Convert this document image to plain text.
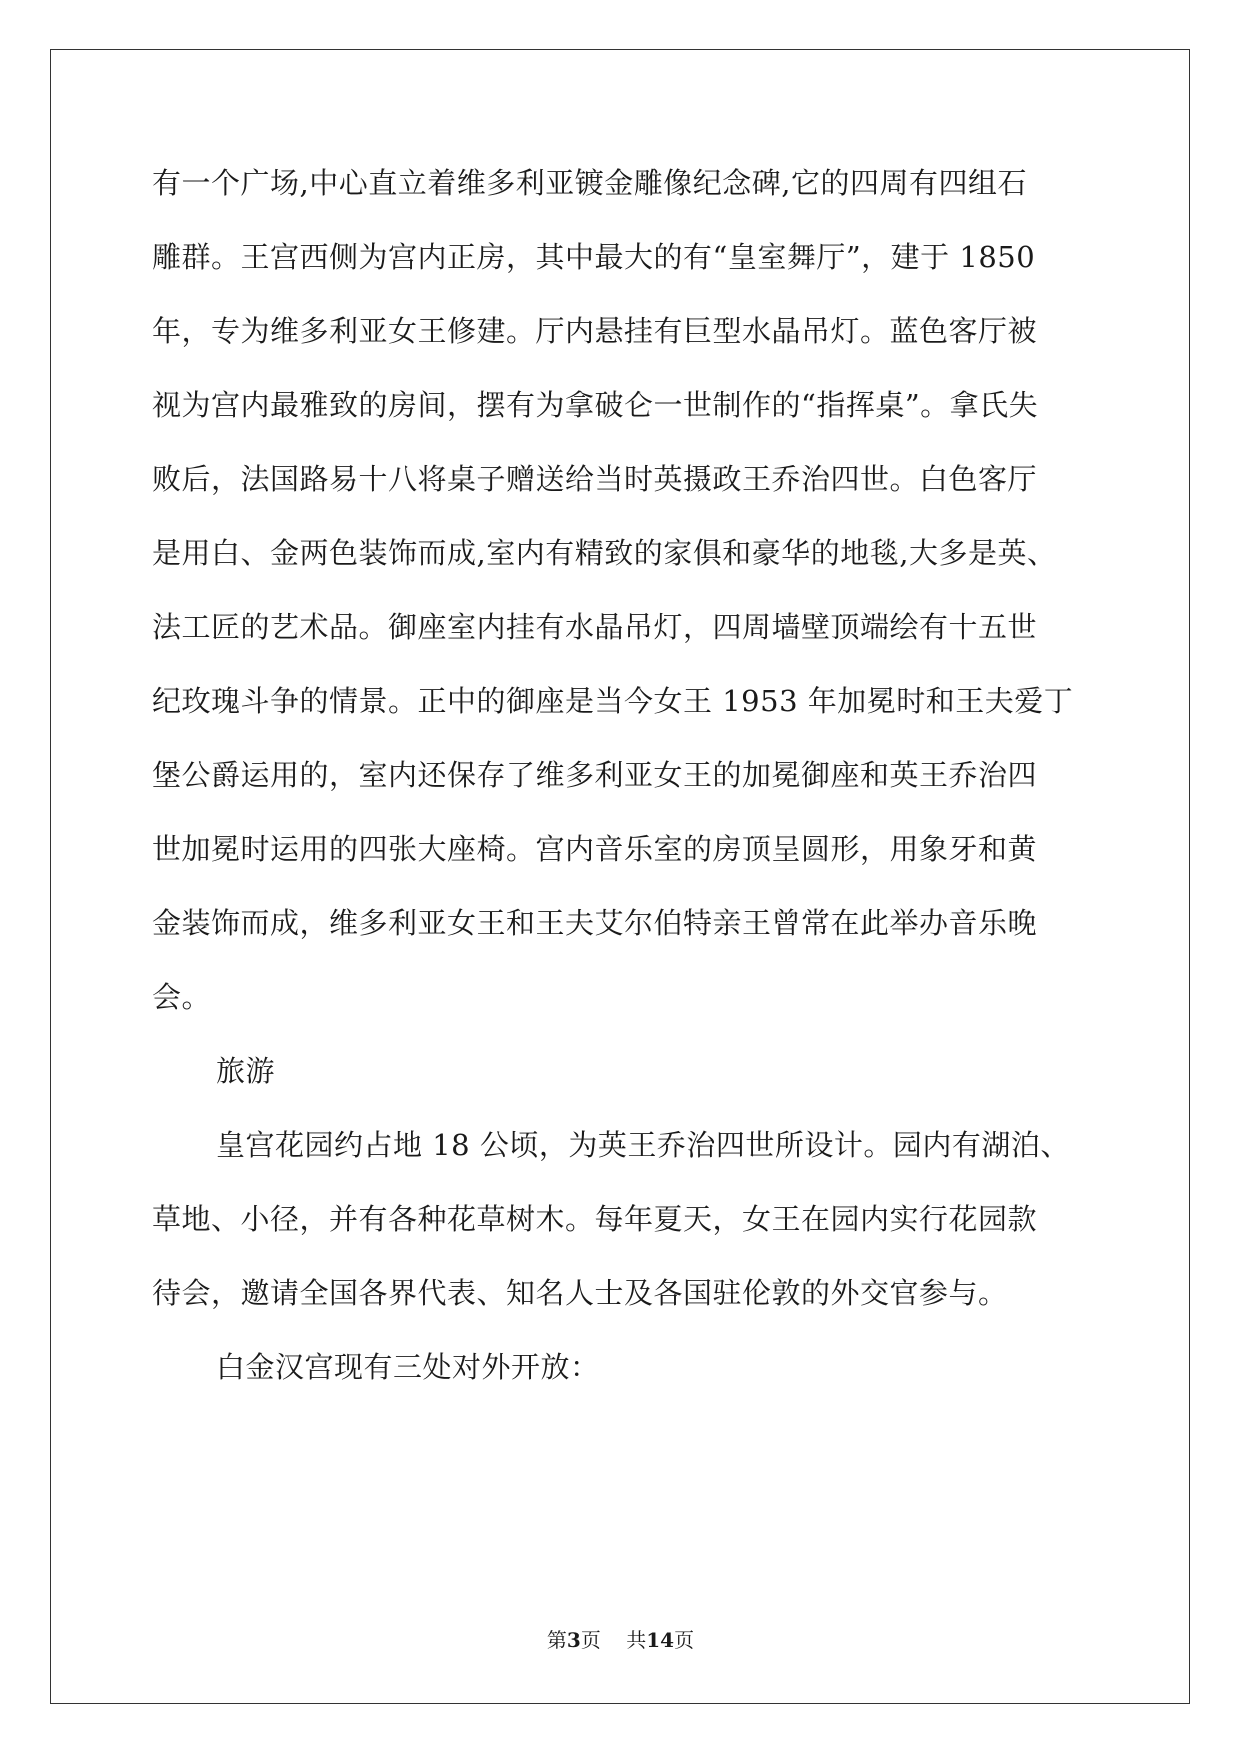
有一个广场,中心直立着维多利亚镀金雕像纪念碑,它的四周有四组石
雕群。王宫西侧为宫内正房，其中最大的有“皇室舞厅”，建于 1850
年，专为维多利亚女王修建。厅内悬挂有巨型水晶吊灯。蓝色客厅被
视为宫内最雅致的房间，摆有为拿破仑一世制作的“指挥桌”。拿氏失
败后，法国路易十八将桌子赠送给当时英摄政王乔治四世。白色客厅
是用白、金两色装饰而成,室内有精致的家俱和豪华的地毯,大多是英、
法工匠的艺术品。御座室内挂有水晶吊灯，四周墙壁顶端绘有十五世
纪玫瑰斗争的情景。正中的御座是当今女王 1953 年加冕时和王夫爱丁
堡公爵运用的，室内还保存了维多利亚女王的加冕御座和英王乔治四
世加冕时运用的四张大座椅。宫内音乐室的房顶呈圆形，用象牙和黄
金装饰而成，维多利亚女王和王夫艾尔伯特亲王曾常在此举办音乐晚
会。
旅游
皇宫花园约占地 18 公顷，为英王乔治四世所设计。园内有湖泊、
草地、小径，并有各种花草树木。每年夏天，女王在园内实行花园款
待会，邀请全国各界代表、知名人士及各国驻伦敦的外交官参与。
白金汉宫现有三处对外开放：
第3页 共14页
